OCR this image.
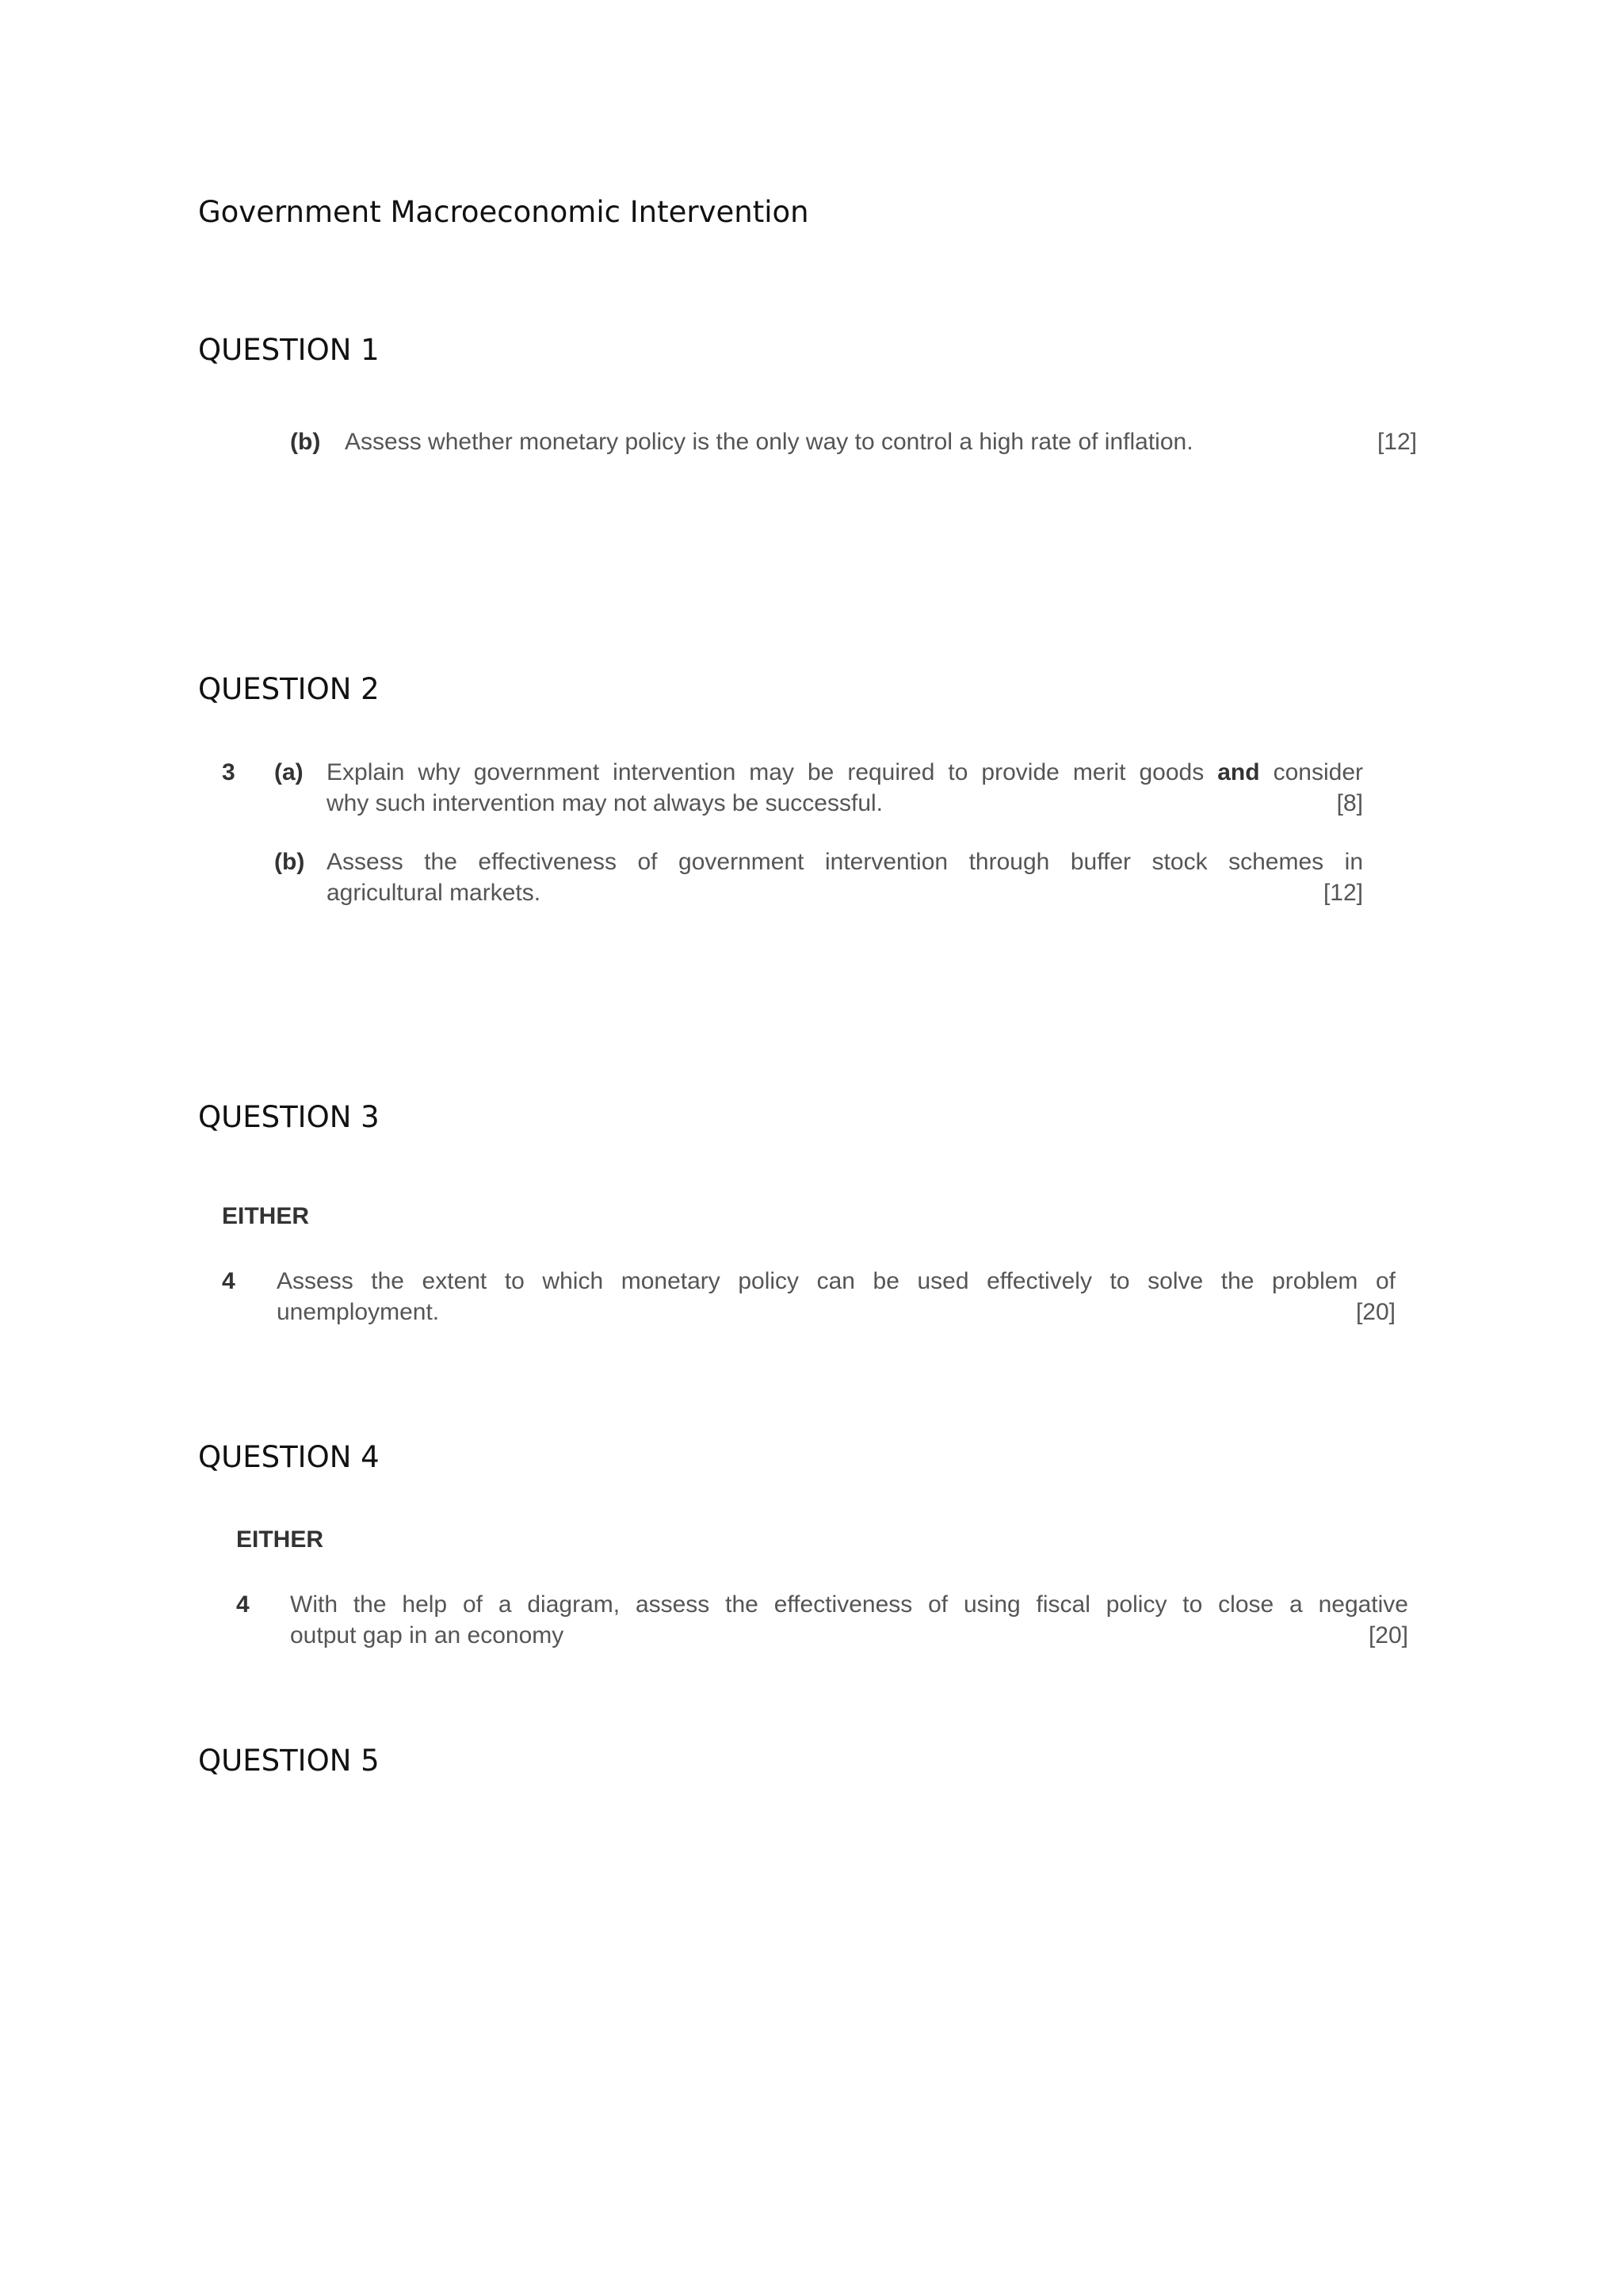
Government Macroeconomic Intervention
QUESTION 1
(b) Assess whether monetary policy is the only way to control a high rate of inflation.	[12]
QUESTION 2
3 (a) Explain why government intervention may be required to provide merit goods and consider
why such intervention may not always be successful.	[8]
(b) Assess the effectiveness of government intervention through buffer stock schemes in
agricultural markets.	[12]
QUESTION 3
EITHER
4 Assess the extent to which monetary policy can be used effectively to solve the problem of
unemployment.	[20]
QUESTION 4
EITHER
4 With the help of a diagram, assess the effectiveness of using fiscal policy to close a negative
output gap in an economy	[20]
QUESTION 5
